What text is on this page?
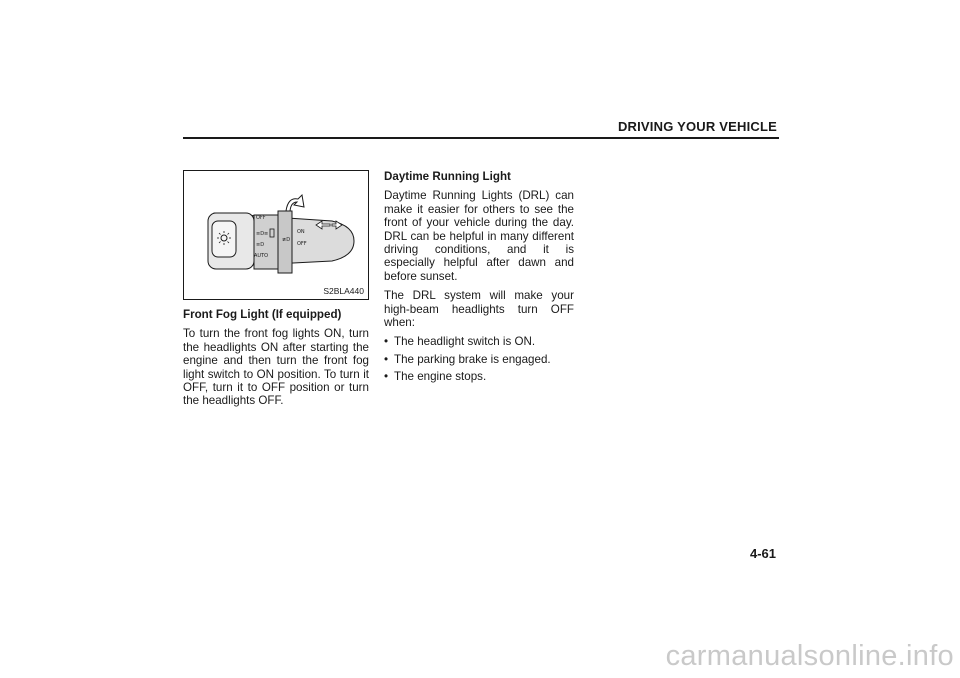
DRIVING YOUR VEHICLE
≡D≡
≡D
≢D
OFF
AUTO
ON
OFF
S2BLA440

Front Fog Light (If equipped)

To turn the front fog lights ON, turn the headlights ON after starting the engine and then turn the front fog light switch to ON position. To turn it OFF, turn it to OFF position or turn the headlights OFF.

Daytime Running Light

Daytime Running Lights (DRL) can make it easier for others to see the front of your vehicle during the day. DRL can be helpful in many different driving conditions, and it is especially helpful after dawn and before sunset.

The DRL system will make your high-beam headlights turn OFF when:

• The headlight switch is ON.
• The parking brake is engaged.
• The engine stops.
4-61
carmanualsonline.info
